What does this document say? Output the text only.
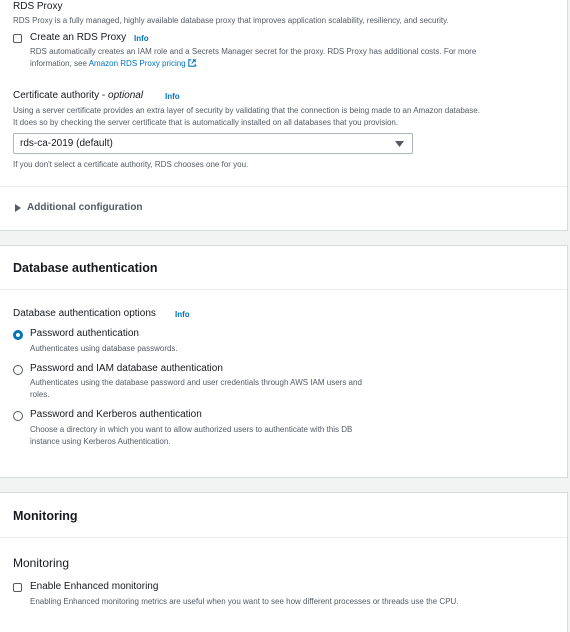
RDS Proxy
RDS Proxy is a fully managed, highly available database proxy that improves application scalability, resiliency, and security.
Create an RDS Proxy Info
RDS automatically creates an IAM role and a Secrets Manager secret for the proxy. RDS Proxy has additional costs. For more
information, see Amazon RDS Proxy pricing .
Certificate authority - optional	Info
Using a server certificate provides an extra layer of security by validating that the connection is being made to an Amazon database.
It does so by checking the server certificate that is automatically installed on all databases that you provision.
rds-ca-2019 (default)
If you don't select a certificate authority, RDS chooses one for you.
Additional configuration
Database authentication
Database authentication options Info
Password authentication
Authenticates using database passwords.
Password and IAM database authentication
Authenticates using the database password and user credentials through AWS IAM users and
roles.
Password and Kerberos authentication
Choose a directory in which you want to allow authorized users to authenticate with this DB
instance using Kerberos Authentication.
Monitoring
Monitoring
Enable Enhanced monitoring
Enabling Enhanced monitoring metrics are useful when you want to see how different processes or threads use the CPU.
